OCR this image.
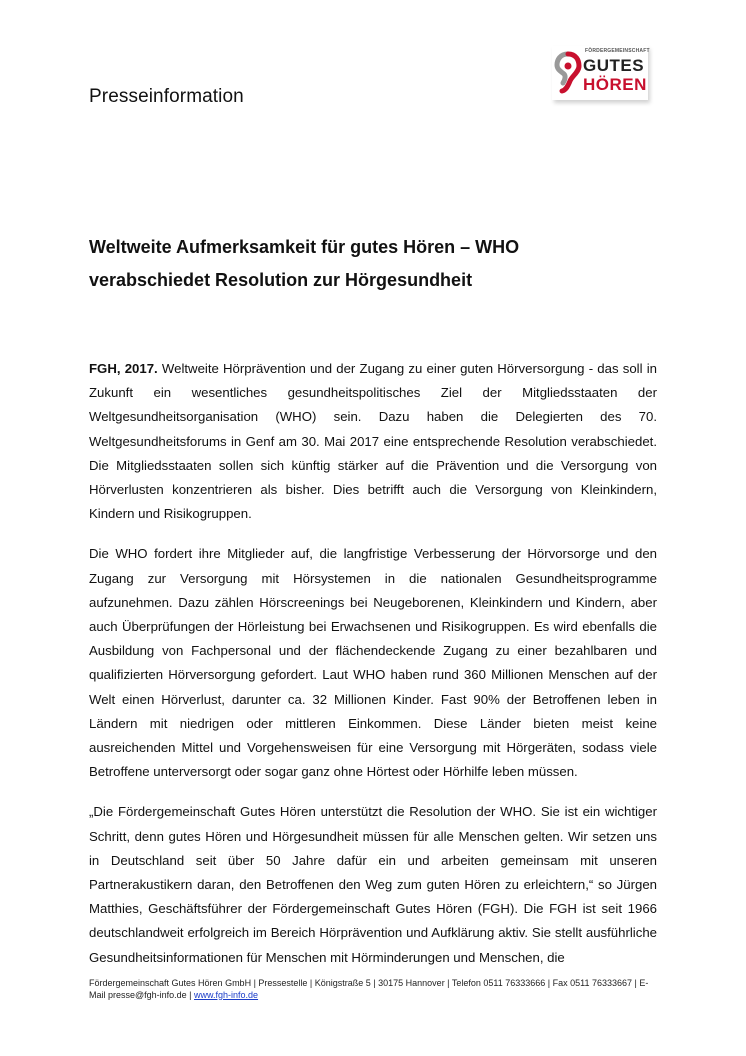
Presseinformation
FÖRDERGEMEINSCHAFT
GUTES
HÖREN
Weltweite Aufmerksamkeit für gutes Hören – WHO
verabschiedet Resolution zur Hörgesundheit

FGH, 2017. Weltweite Hörprävention und der Zugang zu einer guten Hörversorgung - das soll in Zukunft ein wesentliches gesundheitspolitisches Ziel der Mitgliedsstaaten der Weltgesundheitsorganisation (WHO) sein. Dazu haben die Delegierten des 70. Weltgesundheitsforums in Genf am 30. Mai 2017 eine entsprechende Resolution verabschiedet. Die Mitgliedsstaaten sollen sich künftig stärker auf die Prävention und die Versorgung von Hörverlusten konzentrieren als bisher. Dies betrifft auch die Versorgung von Kleinkindern, Kindern und Risikogruppen.

Die WHO fordert ihre Mitglieder auf, die langfristige Verbesserung der Hörvorsorge und den Zugang zur Versorgung mit Hörsystemen in die nationalen Gesundheitsprogramme aufzunehmen. Dazu zählen Hörscreenings bei Neugeborenen, Kleinkindern und Kindern, aber auch Überprüfungen der Hörleistung bei Erwachsenen und Risikogruppen. Es wird ebenfalls die Ausbildung von Fachpersonal und der flächendeckende Zugang zu einer bezahlbaren und qualifizierten Hörversorgung gefordert. Laut WHO haben rund 360 Millionen Menschen auf der Welt einen Hörverlust, darunter ca. 32 Millionen Kinder. Fast 90% der Betroffenen leben in Ländern mit niedrigen oder mittleren Einkommen. Diese Länder bieten meist keine ausreichenden Mittel und Vorgehensweisen für eine Versorgung mit Hörgeräten, sodass viele Betroffene unterversorgt oder sogar ganz ohne Hörtest oder Hörhilfe leben müssen.

„Die Fördergemeinschaft Gutes Hören unterstützt die Resolution der WHO. Sie ist ein wichtiger Schritt, denn gutes Hören und Hörgesundheit müssen für alle Menschen gelten. Wir setzen uns in Deutschland seit über 50 Jahre dafür ein und arbeiten gemeinsam mit unseren Partnerakustikern daran, den Betroffenen den Weg zum guten Hören zu erleichtern,“ so Jürgen Matthies, Geschäftsführer der Fördergemeinschaft Gutes Hören (FGH). Die FGH ist seit 1966 deutschlandweit erfolgreich im Bereich Hörprävention und Aufklärung aktiv. Sie stellt ausführliche Gesundheitsinformationen für Menschen mit Hörminderungen und Menschen, die

Fördergemeinschaft Gutes Hören GmbH | Pressestelle | Königstraße 5 | 30175 Hannover | Telefon 0511 76333666 | Fax 0511 76333667 | E-Mail presse@fgh-info.de | www.fgh-info.de
